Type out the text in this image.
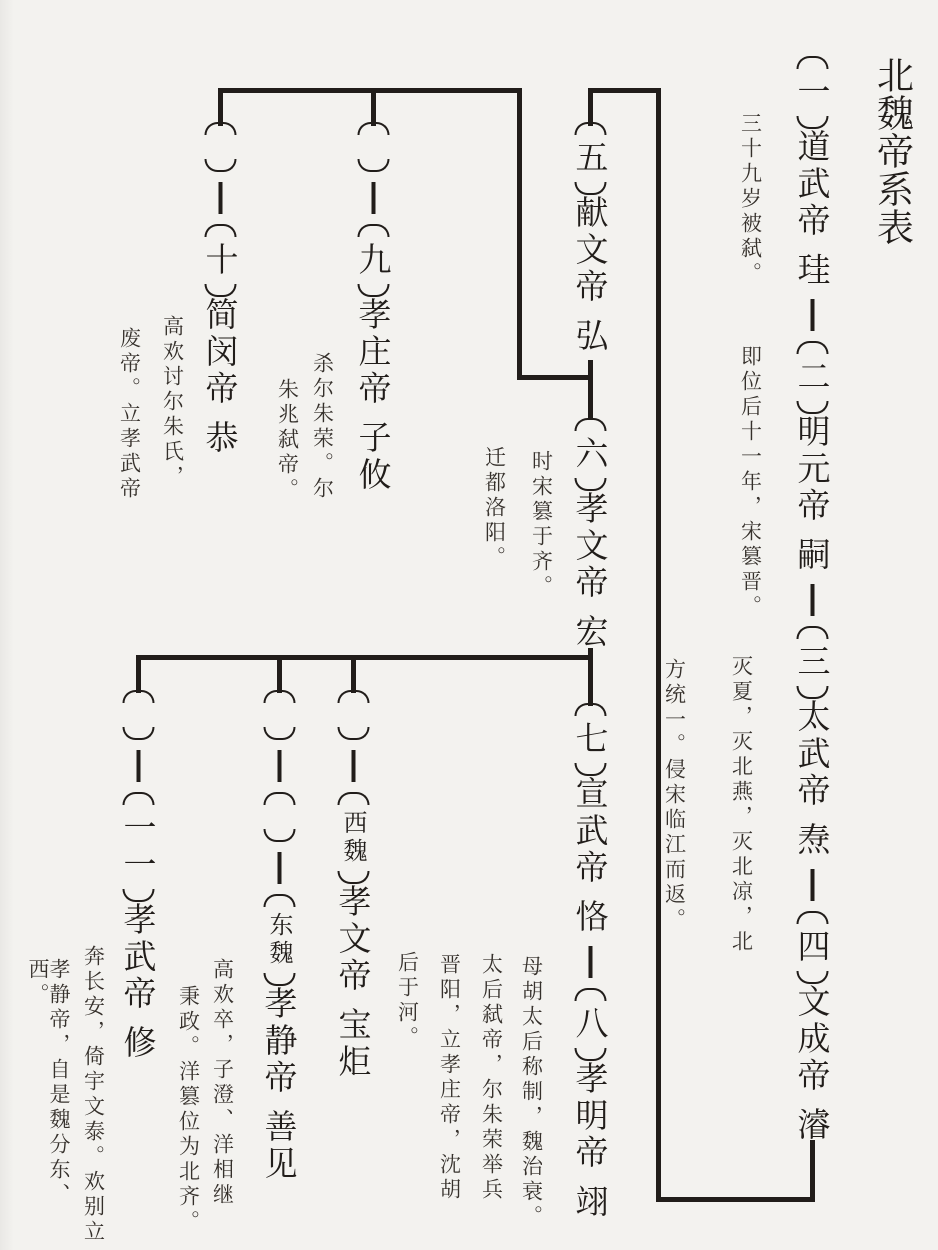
北魏帝系表
一
道武帝
珪
二
明元帝
嗣
三
太武帝
焘
四
文成帝
濬
五
献文帝
弘
六
孝文帝
宏
七
宣武帝
恪
八
孝明帝
翊
九
孝庄帝
子攸
十
简闵帝
恭
一一
孝武帝
修
东魏
孝静帝
善见
西魏
孝文帝
宝炬
三十九岁被弑。
即位后十一年，宋篡晋。
灭夏，灭北燕，灭北凉，北
方统一。侵宋临江而返。
时宋篡于齐。
迁都洛阳。
母胡太后称制，魏治衰。
太后弑帝，尔朱荣举兵
晋阳，立孝庄帝，沈胡
后于河。
杀尔朱荣。尔
朱兆弑帝。
高欢讨尔朱氏，
废帝。立孝武帝
高欢卒，子澄、洋相继
秉政。洋篡位为北齐。
奔长安，倚宇文泰。欢别立
孝静帝，自是魏分东、西。
